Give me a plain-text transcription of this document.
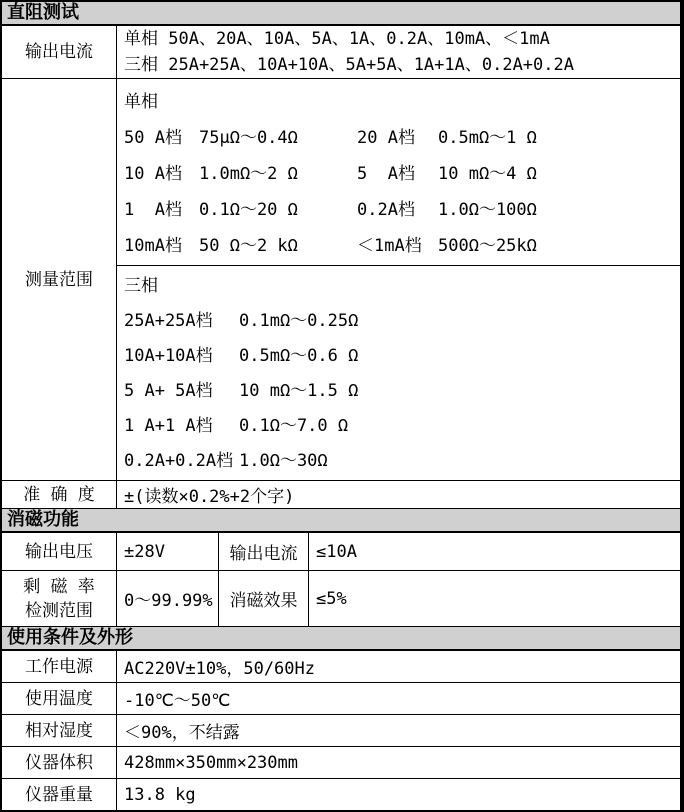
直阻测试
输出电流
单相 50A、20A、10A、5A、1A、0.2A、10mA、＜1mA
三相 25A+25A、10A+10A、5A+5A、1A+1A、0.2A+0.2A
测量范围
单相
50 A档	75μΩ～0.4Ω	20 A档	0.5mΩ～1 Ω
10 A档	1.0mΩ～2 Ω	5  A档	10 mΩ～4 Ω
1  A档	0.1Ω～20 Ω	0.2A档	1.0Ω～100Ω
10mA档	50 Ω～2 kΩ	＜1mA档 500Ω～25kΩ
三相
25A+25A档	0.1mΩ～0.25Ω
10A+10A档	0.5mΩ～0.6 Ω
5 A+ 5A档	10 mΩ～1.5 Ω
1 A+1 A档	0.1Ω～7.0 Ω
0.2A+0.2A档 1.0Ω～30Ω
准 确 度	±(读数×0.2%+2个字)
消磁功能
输出电压	±28V	输出电流	≤10A
剩 磁 率
检测范围	0～99.99% 消磁效果	≤5%
使用条件及外形
工作电源	AC220V±10%，50/60Hz
使用温度	-10℃～50℃
相对湿度	＜90%，不结露
仪器体积	428mm×350mm×230mm
仪器重量	13.8 kg
